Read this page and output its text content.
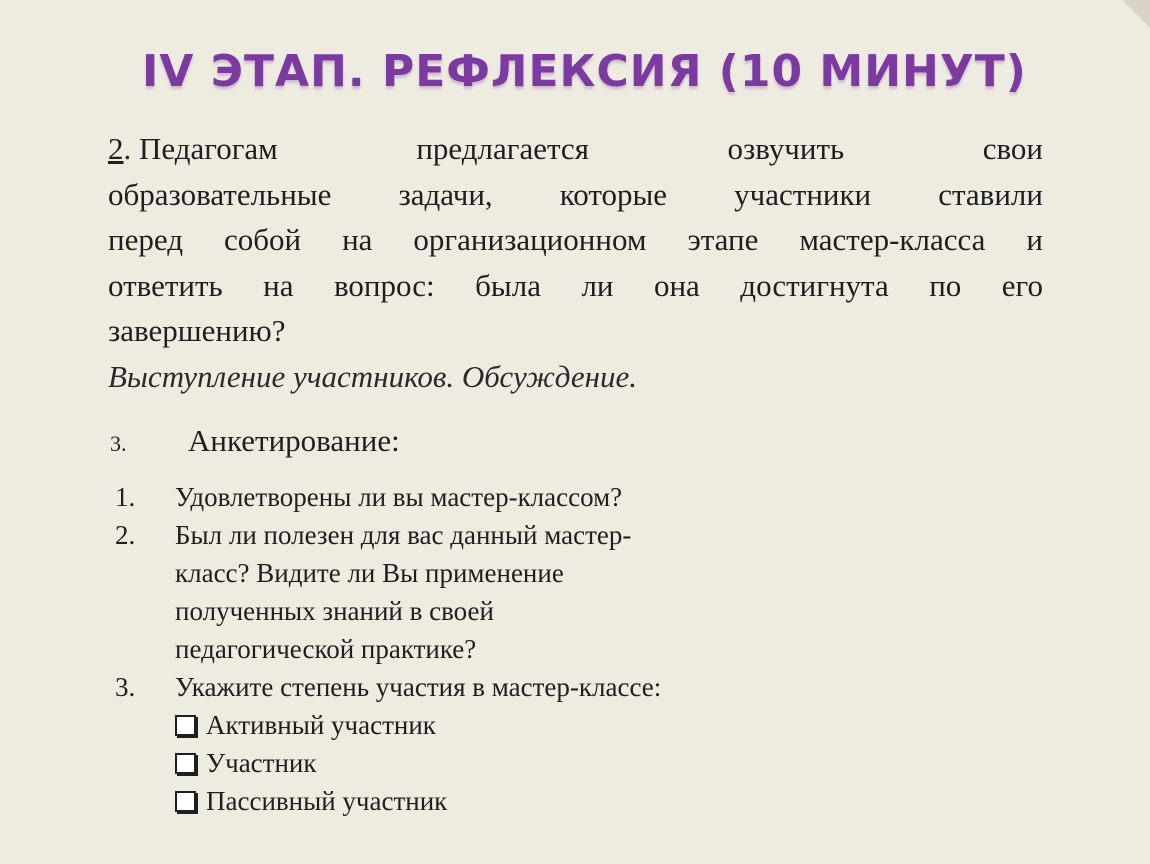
IV ЭТАП. РЕФЛЕКСИЯ (10 МИНУТ)
2. Педагогам	предлагается	озвучить	свои
образовательные задачи, которые участники ставили
перед собой на организационном этапе мастер-класса и
ответить на вопрос: была ли она достигнута по его
завершению?
Выступление участников. Обсуждение.
3. Анкетирование:
1. Удовлетворены ли вы мастер-классом?
2. Был ли полезен для вас данный мастер-
класс? Видите ли Вы применение
полученных знаний в своей
педагогической практике?
3. Укажите степень участия в мастер-классе:
Активный участник
Участник
Пассивный участник
